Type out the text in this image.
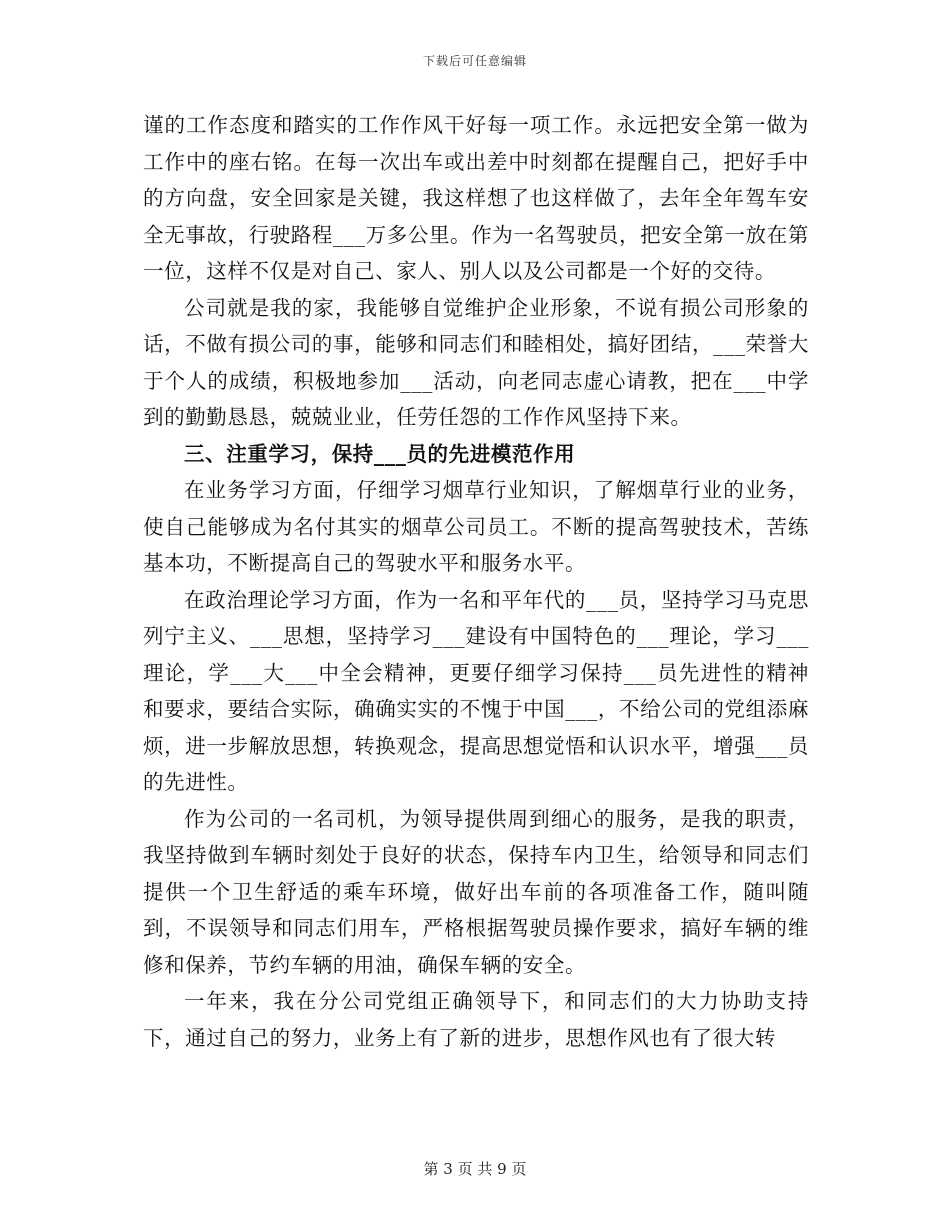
下载后可任意编辑

谨的工作态度和踏实的工作作风干好每一项工作。永远把安全第一做为工作中的座右铭。在每一次出车或出差中时刻都在提醒自己，把好手中的方向盘，安全回家是关键，我这样想了也这样做了，去年全年驾车安全无事故，行驶路程___万多公里。作为一名驾驶员，把安全第一放在第一位，这样不仅是对自己、家人、别人以及公司都是一个好的交待。

公司就是我的家，我能够自觉维护企业形象，不说有损公司形象的话，不做有损公司的事，能够和同志们和睦相处，搞好团结，___荣誉大于个人的成绩，积极地参加___活动，向老同志虚心请教，把在___中学到的勤勤恳恳，兢兢业业，任劳任怨的工作作风坚持下来。

三、注重学习，保持___员的先进模范作用

在业务学习方面，仔细学习烟草行业知识，了解烟草行业的业务，使自己能够成为名付其实的烟草公司员工。不断的提高驾驶技术，苦练基本功，不断提高自己的驾驶水平和服务水平。

在政治理论学习方面，作为一名和平年代的___员，坚持学习马克思列宁主义、___思想，坚持学习___建设有中国特色的___理论，学习___理论，学___大___中全会精神，更要仔细学习保持___员先进性的精神和要求，要结合实际，确确实实的不愧于中国___，不给公司的党组添麻烦，进一步解放思想，转换观念，提高思想觉悟和认识水平，增强___员的先进性。

作为公司的一名司机，为领导提供周到细心的服务，是我的职责，我坚持做到车辆时刻处于良好的状态，保持车内卫生，给领导和同志们提供一个卫生舒适的乘车环境，做好出车前的各项准备工作，随叫随到，不误领导和同志们用车，严格根据驾驶员操作要求，搞好车辆的维修和保养，节约车辆的用油，确保车辆的安全。

一年来，我在分公司党组正确领导下，和同志们的大力协助支持下，通过自己的努力，业务上有了新的进步，思想作风也有了很大转

第 3 页 共 9 页
